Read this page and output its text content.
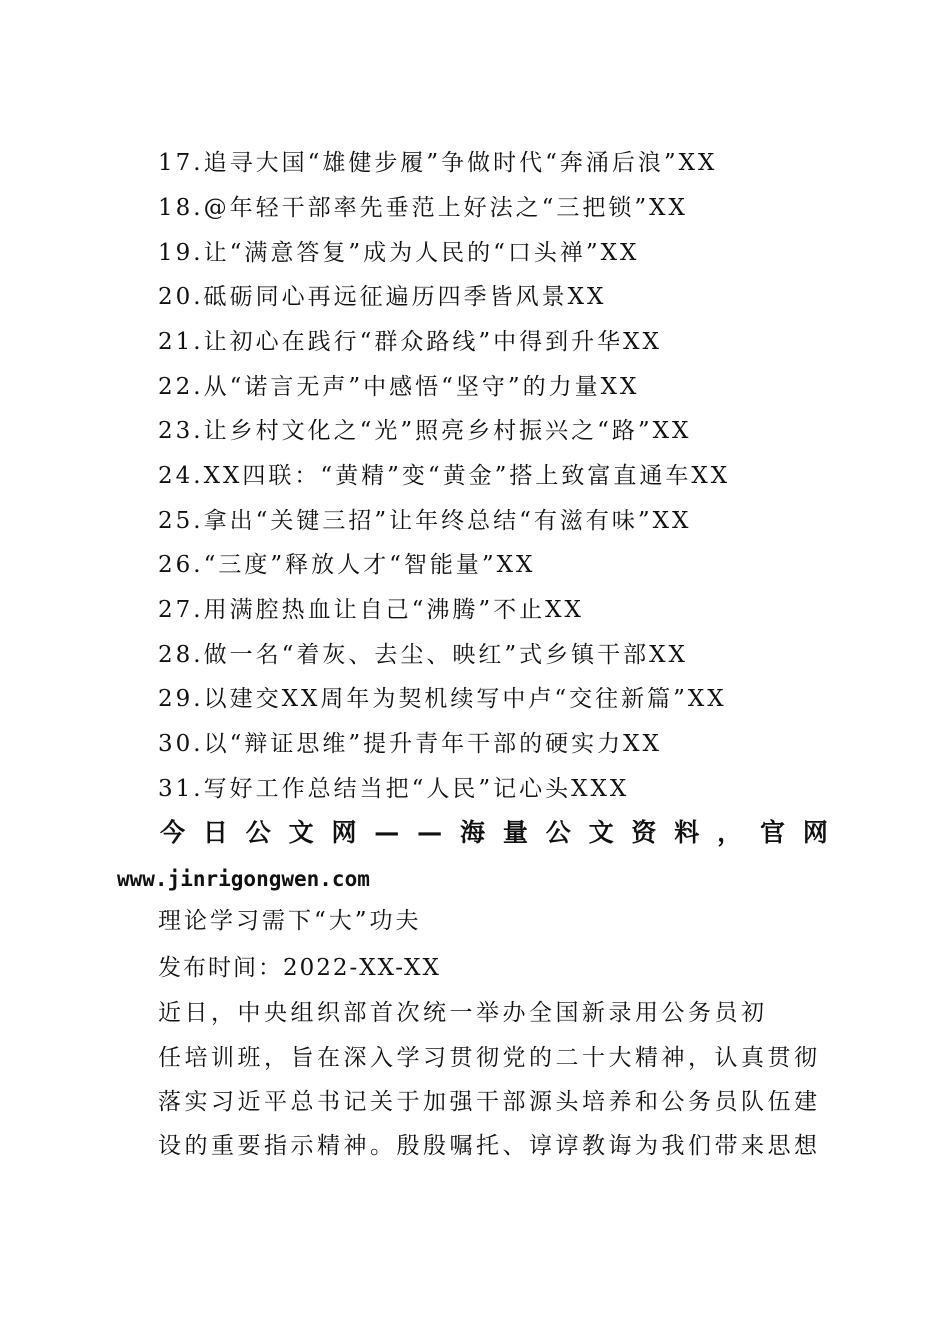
17.追寻大国“雄健步履”争做时代“奔涌后浪”XX
18.@年轻干部率先垂范上好法之“三把锁”XX
19.让“满意答复”成为人民的“口头禅”XX
20.砥砺同心再远征遍历四季皆风景XX
21.让初心在践行“群众路线”中得到升华XX
22.从“诺言无声”中感悟“坚守”的力量XX
23.让乡村文化之“光”照亮乡村振兴之“路”XX
24.XX四联：“黄精”变“黄金”搭上致富直通车XX
25.拿出“关键三招”让年终总结“有滋有味”XX
26.“三度”释放人才“智能量”XX
27.用满腔热血让自己“沸腾”不止XX
28.做一名“着灰、去尘、映红”式乡镇干部XX
29.以建交XX周年为契机续写中卢“交往新篇”XX
30.以“辩证思维”提升青年干部的硬实力XX
31.写好工作总结当把“人民”记心头XXX
今 日 公 文 网 — — 海 量 公 文 资 料 ， 官 网
www.jinrigongwen.com
理论学习需下“大”功夫
发布时间：2022-XX-XX
近日，中央组织部首次统一举办全国新录用公务员初
任培训班，旨在深入学习贯彻党的二十大精神，认真贯彻
落实习近平总书记关于加强干部源头培养和公务员队伍建
设的重要指示精神。殷殷嘱托、谆谆教诲为我们带来思想
